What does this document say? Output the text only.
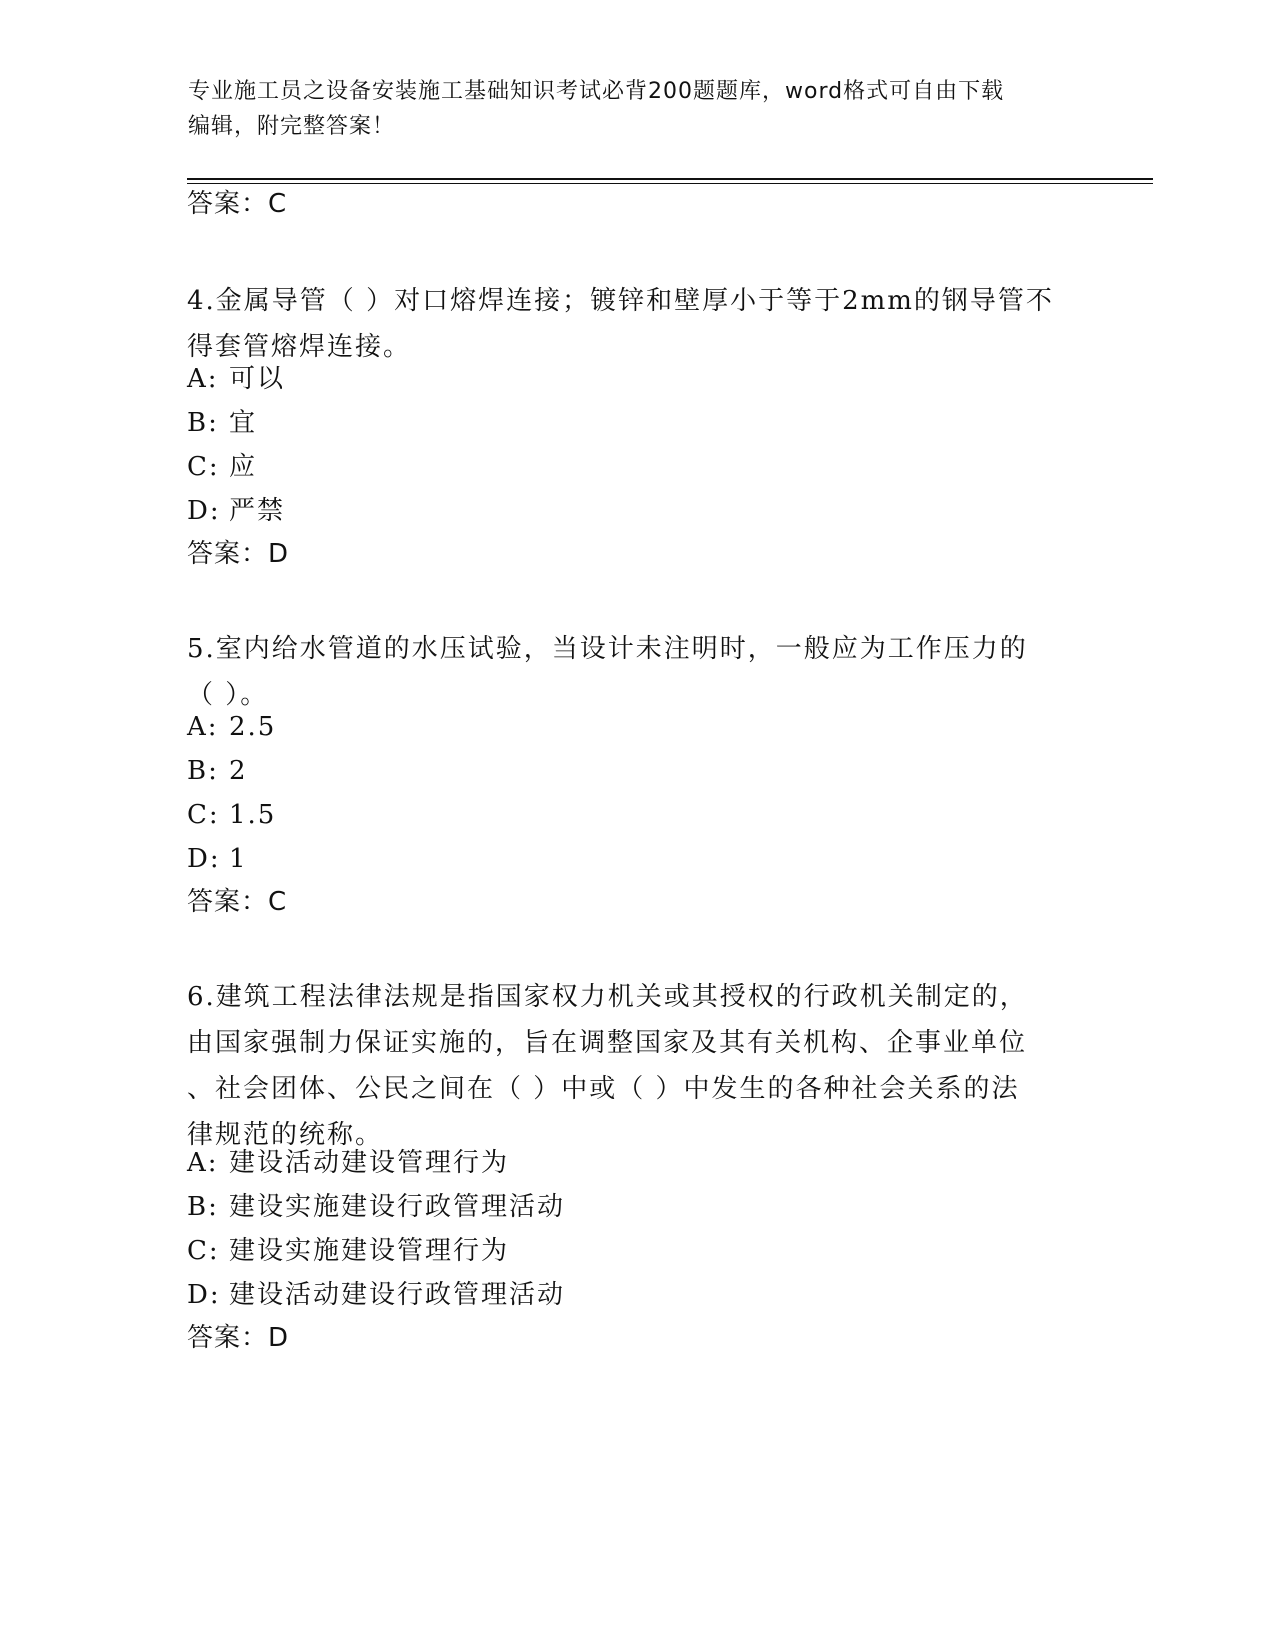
专业施工员之设备安装施工基础知识考试必背200题题库，word格式可自由下载
编辑，附完整答案！
答案：C
4.金属导管（ ）对口熔焊连接；镀锌和壁厚小于等于2mm的钢导管不
得套管熔焊连接。
A: 可以
B: 宜
C: 应
D: 严禁
答案：D
5.室内给水管道的水压试验，当设计未注明时，一般应为工作压力的
（ ）。
A: 2.5
B: 2
C: 1.5
D: 1
答案：C
6.建筑工程法律法规是指国家权力机关或其授权的行政机关制定的，
由国家强制力保证实施的，旨在调整国家及其有关机构、企事业单位
、社会团体、公民之间在（ ）中或（ ）中发生的各种社会关系的法
律规范的统称。
A: 建设活动建设管理行为
B: 建设实施建设行政管理活动
C: 建设实施建设管理行为
D: 建设活动建设行政管理活动
答案：D
